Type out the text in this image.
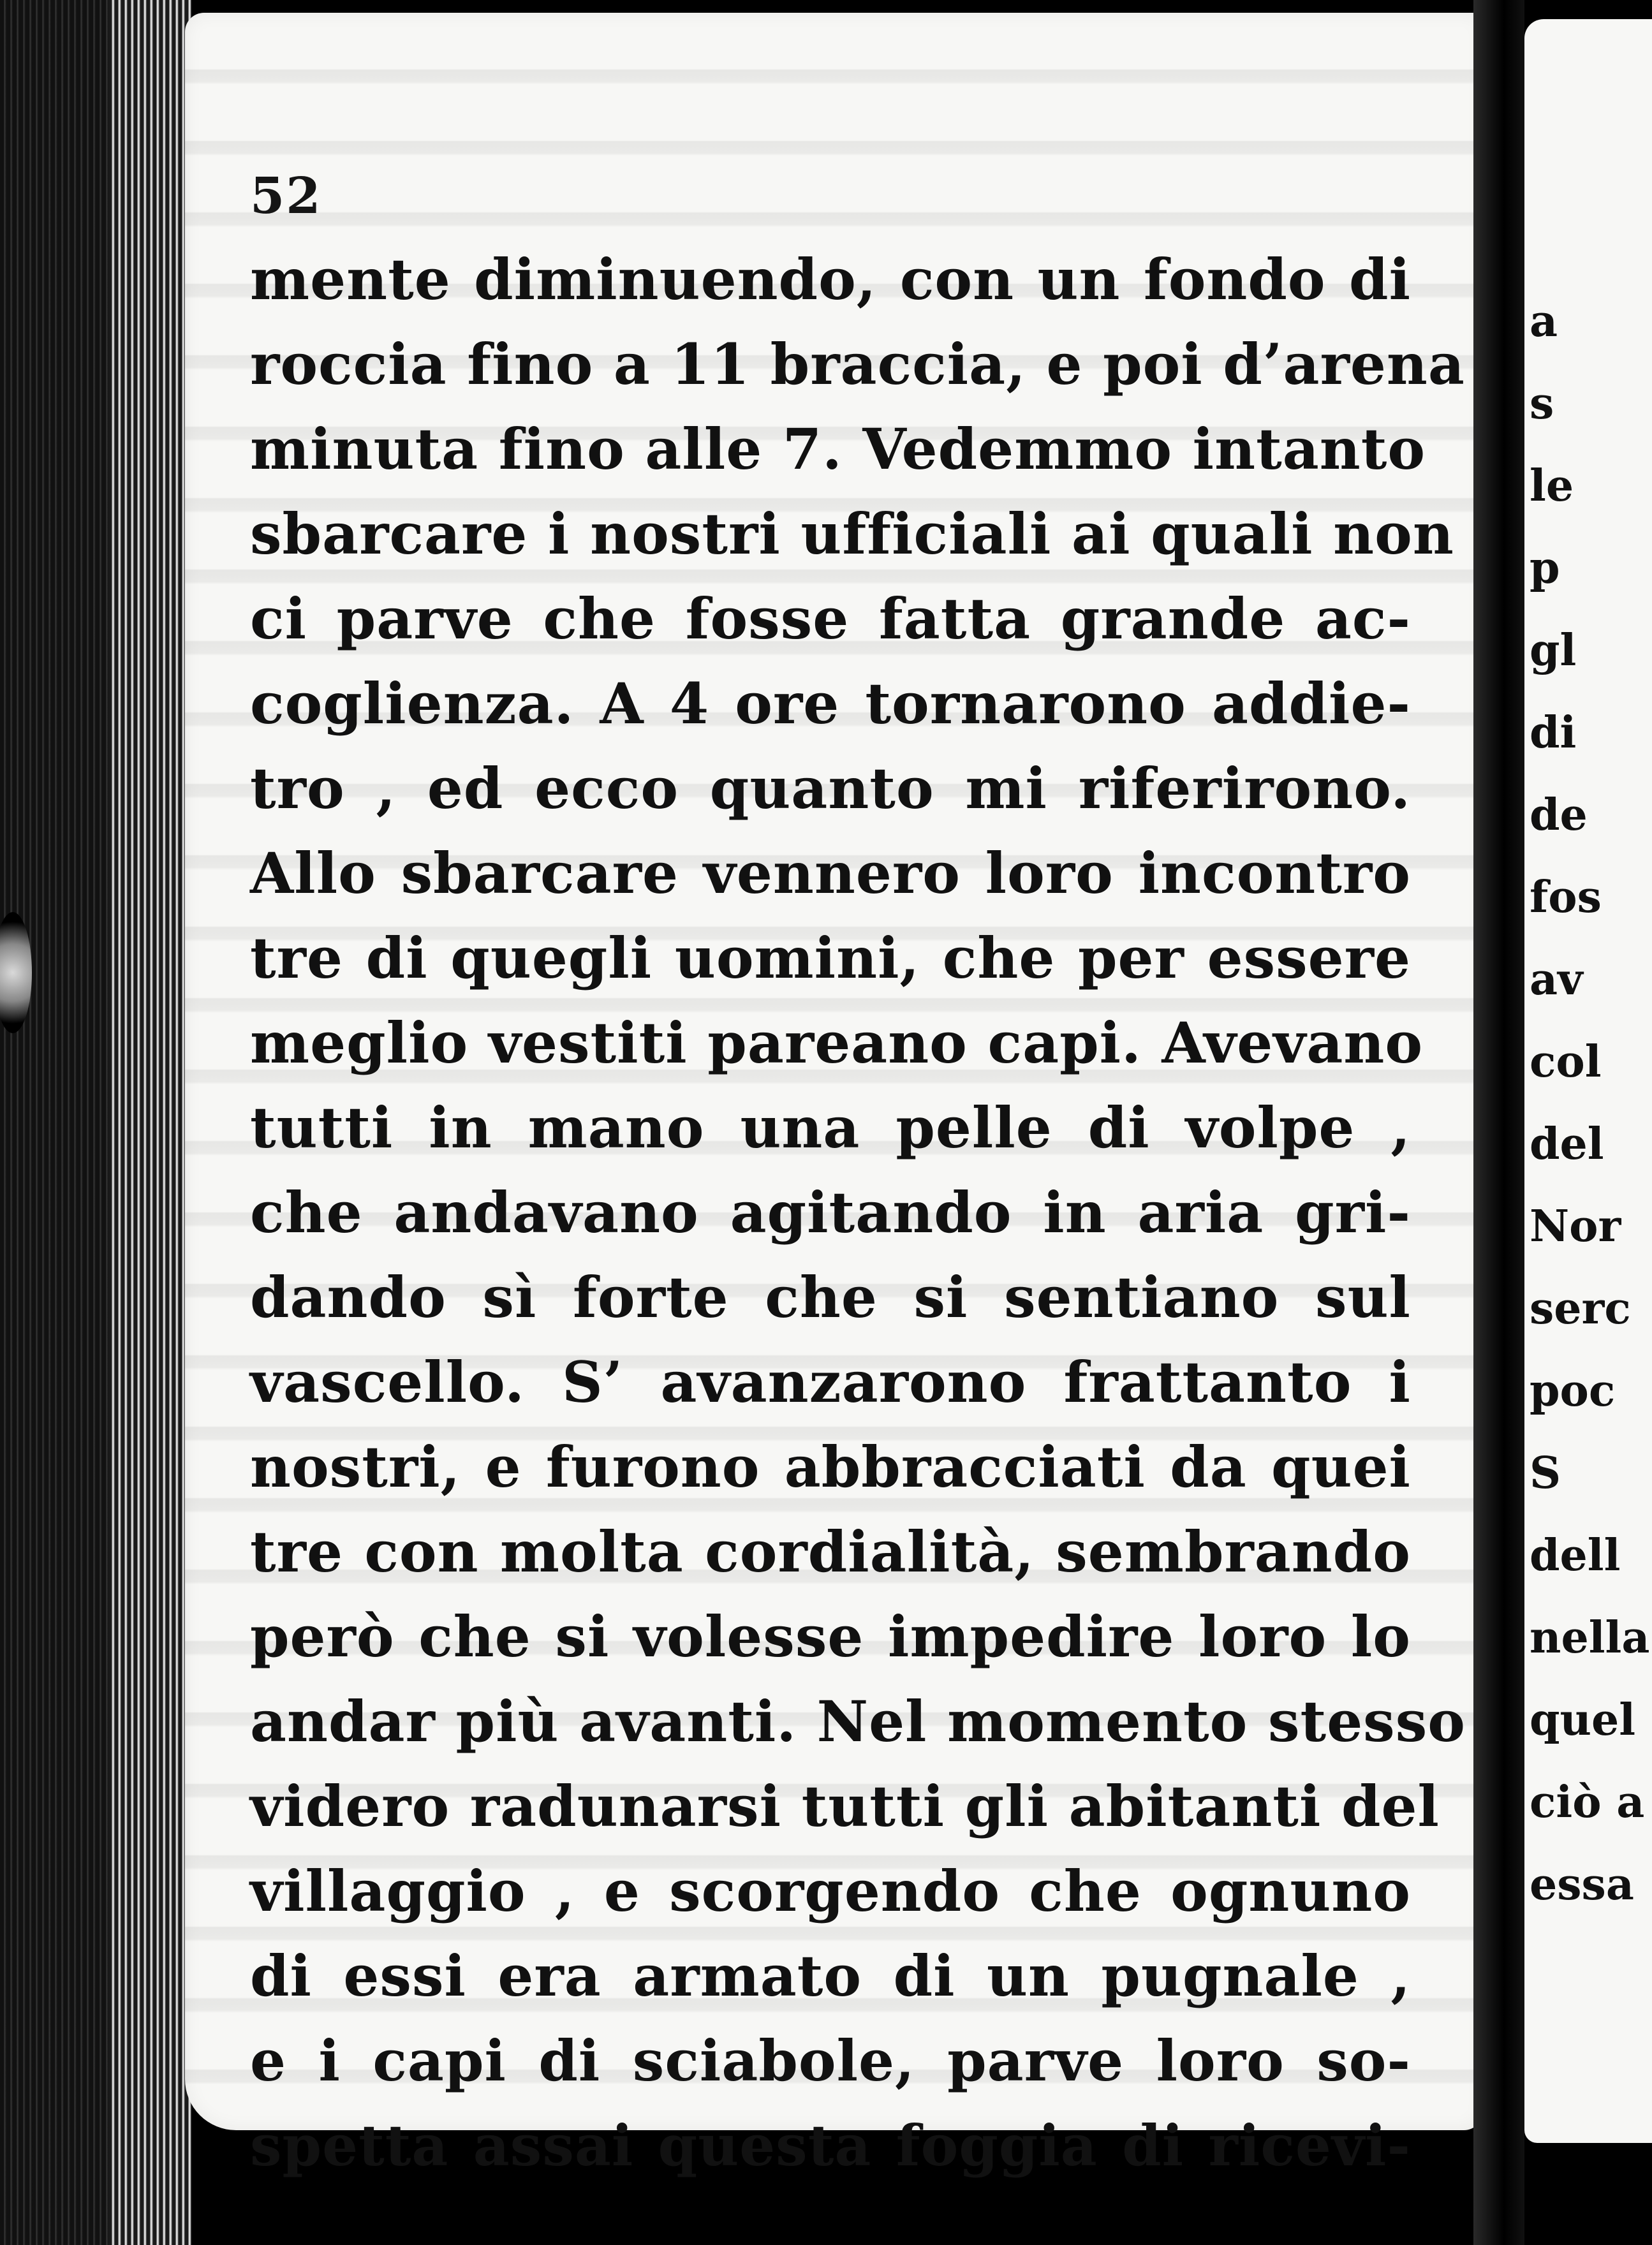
52

mente diminuendo, con un fondo di
roccia fino a 11 braccia, e poi d’arena
minuta fino alle 7. Vedemmo intanto
sbarcare i nostri ufficiali ai quali non
ci parve che fosse fatta grande ac-
coglienza. A 4 ore tornarono addie-
tro , ed ecco quanto mi riferirono.
Allo sbarcare vennero loro incontro
tre di quegli uomini, che per essere
meglio vestiti pareano capi. Avevano
tutti in mano una pelle di volpe ,
che andavano agitando in aria gri-
dando sì forte che si sentiano sul
vascello. S’ avanzarono frattanto i
nostri, e furono abbracciati da quei
tre con molta cordialità, sembrando
però che si volesse impedire loro lo
andar più avanti. Nel momento stesso
videro radunarsi tutti gli abitanti del
villaggio , e scorgendo che ognuno
di essi era armato di un pugnale ,
e i capi di sciabole, parve loro so-
spetta assai questa foggia di ricevi-
a
s
le
p
gl
di
de
fos
av
col
del
Nor
serc
poc
S
dell
nella
quel
ciò a
essa
